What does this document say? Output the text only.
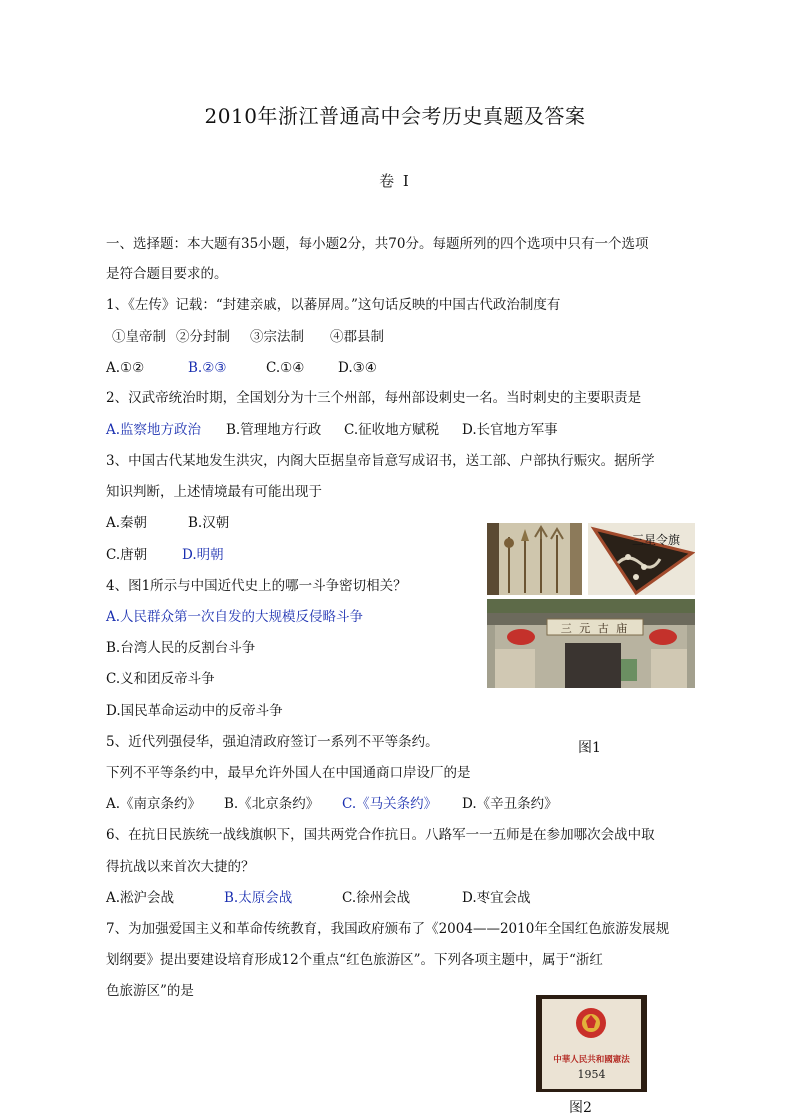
2010年浙江普通高中会考历史真题及答案
卷 I
一、选择题：本大题有35小题，每小题2分，共70分。每题所列的四个选项中只有一个选项
是符合题目要求的。
1、《左传》记载：“封建亲戚，以蕃屏周。”这句话反映的中国古代政治制度有
①皇帝制 ②分封制 ③宗法制 ④郡县制
A.①②	B.②③	C.①④ D.③④
2、汉武帝统治时期，全国划分为十三个州部，每州部设刺史一名。当时刺史的主要职责是
A.监察地方政治 B.管理地方行政 C.征收地方赋税 D.长官地方军事
3、中国古代某地发生洪灾，内阁大臣据皇帝旨意写成诏书，送工部、户部执行赈灾。据所学
知识判断，上述情境最有可能出现于
A.秦朝	B.汉朝
C.唐朝	D.明朝
4、图1所示与中国近代史上的哪一斗争密切相关？
A.人民群众第一次自发的大规模反侵略斗争
B.台湾人民的反割台斗争
C.义和团反帝斗争
D.国民革命运动中的反帝斗争
5、近代列强侵华，强迫清政府签订一系列不平等条约。
下列不平等条约中，最早允许外国人在中国通商口岸设厂的是
A.《南京条约》 B.《北京条约》 C.《马关条约》 D.《辛丑条约》
6、在抗日民族统一战线旗帜下，国共两党合作抗日。八路军一一五师是在参加哪次会战中取
得抗战以来首次大捷的？
A.淞沪会战	B.太原会战	C.徐州会战	D.枣宜会战
7、为加强爱国主义和革命传统教育，我国政府颁布了《2004——2010年全国红色旅游发展规
划纲要》提出要建设培育形成12个重点“红色旅游区”。下列各项主题中，属于“浙红
色旅游区”的是
三星令旗
三 元 古 庙
图1
中華人民共和國憲法
1954
图2
